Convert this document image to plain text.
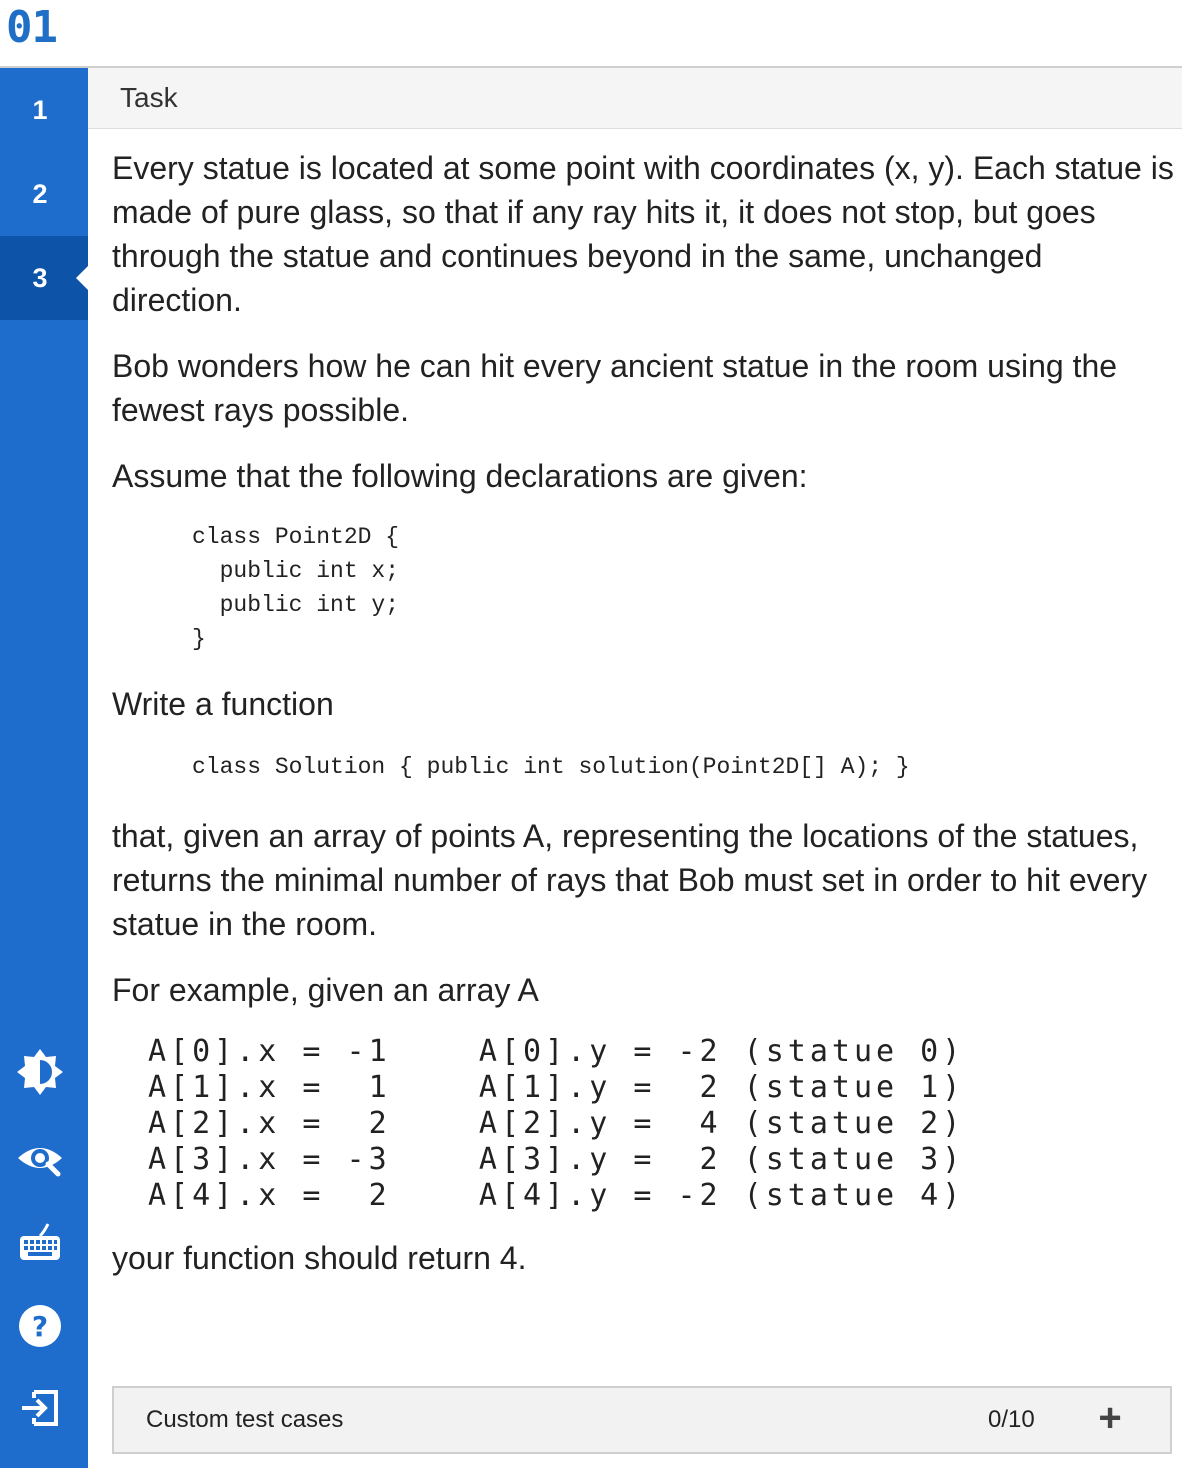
01
1
2
3
?
Task

Every statue is located at some point with coordinates (x, y). Each statue is made of pure glass, so that if any ray hits it, it does not stop, but goes through the statue and continues beyond in the same, unchanged direction.

Bob wonders how he can hit every ancient statue in the room using the fewest rays possible.

Assume that the following declarations are given:

class Point2D {
public int x;
public int y;
}

Write a function

class Solution { public int solution(Point2D[] A); }

that, given an array of points A, representing the locations of the statues, returns the minimal number of rays that Bob must set in order to hit every statue in the room.

For example, given an array A

A[0].x = -1    A[0].y = -2 (statue 0)
A[1].x =  1    A[1].y =  2 (statue 1)
A[2].x =  2    A[2].y =  4 (statue 2)
A[3].x = -3    A[3].y =  2 (statue 3)
A[4].x =  2    A[4].y = -2 (statue 4)

your function should return 4.

Custom test cases	0/10 +
